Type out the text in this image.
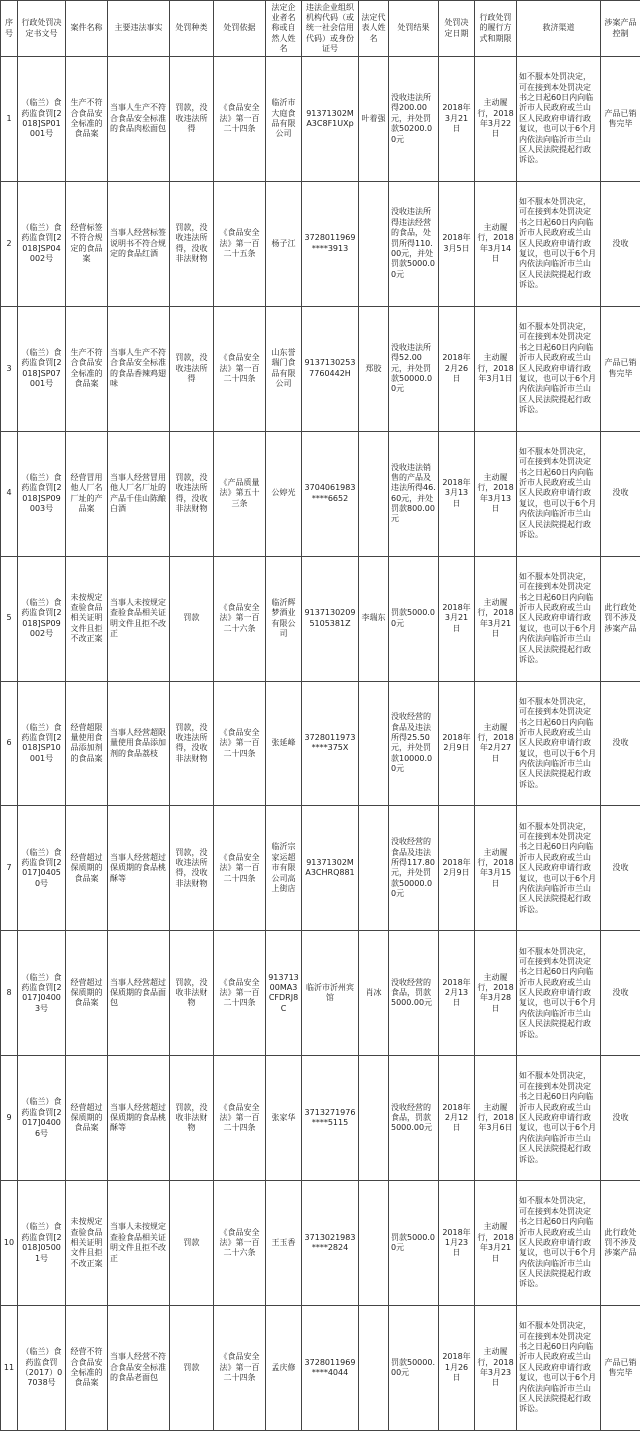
序号	行政处罚决定书文号	案件名称	主要违法事实	处罚种类	处罚依据	法定企业者名称或自然人姓名	违法企业组织机构代码（或统一社会信用代码）或身份证号	法定代表人姓名	处罚结果	处罚决定日期	行政处罚的履行方式和期限	救济渠道	涉案产品控制
1	（临兰）食药监食罚[2018]SP01001号	生产不符合食品安全标准的食品案	当事人生产不符合食品安全标准的食品肉松面包	罚款，没收违法所得	《食品安全法》第一百二十四条	临沂市大庭食品有限公司	91371302MA3C8F1UXp	叶着强	没收违法所得200.00元，并处罚款50200.00元	2018年3月21日	主动履行，2018年3月22日	如不服本处罚决定，可在接到本处罚决定书之日起60日内向临沂市人民政府或兰山区人民政府申请行政复议，也可以于6个月内依法向临沂市兰山区人民法院提起行政诉讼。	产品已销售完毕
2	（临兰）食药监食罚[2018]SP04002号	经营标签不符合规定的食品案	当事人经营标签说明书不符合规定的食品红酒	罚款，没收违法所得，没收非法财物	《食品安全法》第一百二十五条	杨子江	3728011969****3913		没收违法所得违法经营的食品，处罚所得110.00元，并处罚款5000.00元	2018年3月5日	主动履行，2018年3月14日	如不服本处罚决定，可在接到本处罚决定书之日起60日内向临沂市人民政府或兰山区人民政府申请行政复议，也可以于6个月内依法向临沂市兰山区人民法院提起行政诉讼。	没收
3	（临兰）食药监食罚[2018]SP07001号	生产不符合食品安全标准的食品案	当事人生产不符合食品安全标准的食品香辣鸡翅味	罚款，没收违法所得	《食品安全法》第一百二十四条	山东誉瑞门食品有限公司	91371302537760442H	郑胶	没收违法所得52.00元，并处罚款50000.00元	2018年2月26日	主动履行，2018年3月1日	如不服本处罚决定，可在接到本处罚决定书之日起60日内向临沂市人民政府或兰山区人民政府申请行政复议，也可以于6个月内依法向临沂市兰山区人民法院提起行政诉讼。	产品已销售完毕
4	（临兰）食药监食罚[2018]SP09003号	经营冒用他人厂名厂址的产品案	当事人经营冒用他人厂名厂址的产品千佳山陈酿白酒	罚款，没收违法所得，没收非法财物	《产品质量法》第五十三条	公婷光	3704061983****6652		没收违法销售的产品及违法所得46.60元，并处罚款800.00元	2018年3月13日	主动履行，2018年3月13日	如不服本处罚决定，可在接到本处罚决定书之日起60日内向临沂市人民政府或兰山区人民政府申请行政复议，也可以于6个月内依法向临沂市兰山区人民法院提起行政诉讼。	没收
5	（临兰）食药监食罚[2018]SP09002号	未按规定查验食品相关证明文件且拒不改正案	当事人未按规定查验食品相关证明文件且拒不改正	罚款	《食品安全法》第一百二十六条	临沂辉梦酒业有限公司	91371302095105381Z	李瑞东	罚款5000.00元	2018年3月21日	主动履行，2018年3月21日	如不服本处罚决定，可在接到本处罚决定书之日起60日内向临沂市人民政府或兰山区人民政府申请行政复议，也可以于6个月内依法向临沂市兰山区人民法院提起行政诉讼。	此行政处罚不涉及涉案产品
6	（临兰）食药监食罚[2018]SP10001号	经营超限量使用食品添加剂的食品案	当事人经营超限量使用食品添加剂的食品荔枝	罚款，没收违法所得，没收非法财物	《食品安全法》第一百二十四条	张延峰	3728011973****375X		没收经营的食品及违法所得25.50元，并处罚款10000.00元	2018年2月9日	主动履行，2018年2月27日	如不服本处罚决定，可在接到本处罚决定书之日起60日内向临沂市人民政府或兰山区人民政府申请行政复议，也可以于6个月内依法向临沂市兰山区人民法院提起行政诉讼。	没收
7	（临兰）食药监食罚[2017]04050号	经营超过保质期的食品案	当事人经营超过保质期的食品桃酥等	罚款，没收违法所得，没收非法财物	《食品安全法》第一百二十四条	临沂宗家运超市有限公司高上街店	91371302MA3CHRQ881		没收经营的食品及违法所得117.80元，并处罚款50000.00元	2018年2月9日	主动履行，2018年3月15日	如不服本处罚决定，可在接到本处罚决定书之日起60日内向临沂市人民政府或兰山区人民政府申请行政复议，也可以于6个月内依法向临沂市兰山区人民法院提起行政诉讼。	没收
8	（临兰）食药监食罚[2017]04003号	经营超过保质期的食品案	当事人经营超过保质期的食品面包	罚款，没收非法财物	《食品安全法》第一百二十四条	91371300MA3CFDRJ8C	临沂市沂州宾馆	肖冰	没收经营的食品，罚款5000.00元	2018年2月13日	主动履行，2018年3月28日	如不服本处罚决定，可在接到本处罚决定书之日起60日内向临沂市人民政府或兰山区人民政府申请行政复议，也可以于6个月内依法向临沂市兰山区人民法院提起行政诉讼。	没收
9	（临兰）食药监食罚[2017]04006号	经营超过保质期的食品案	当事人经营超过保质期的食品桃酥等	罚款，没收非法财物	《食品安全法》第一百二十四条	张家华	3713271976****5115		没收经营的食品，罚款5000.00元	2018年2月12日	主动履行，2018年3月6日	如不服本处罚决定，可在接到本处罚决定书之日起60日内向临沂市人民政府或兰山区人民政府申请行政复议，也可以于6个月内依法向临沂市兰山区人民法院提起行政诉讼。	没收
10	（临兰）食药监食罚[2018]05001号	未按规定查验食品相关证明文件且拒不改正案	当事人未按规定查验食品相关证明文件且拒不改正	罚款	《食品安全法》第一百二十六条	王玉香	3713021983****2824		罚款5000.00元	2018年1月23日	主动履行，2018年3月21日	如不服本处罚决定，可在接到本处罚决定书之日起60日内向临沂市人民政府或兰山区人民政府申请行政复议，也可以于6个月内依法向临沂市兰山区人民法院提起行政诉讼。	此行政处罚不涉及涉案产品
11	（临兰）食药监食罚（2017）07038号	经营不符合食品安全标准的食品案	当事人经营不符合食品安全标准的食品老面包	罚款	《食品安全法》第一百二十四条	孟庆修	3728011969****4044		罚款50000.00元	2018年1月26日	主动履行，2018年3月23日	如不服本处罚决定，可在接到本处罚决定书之日起60日内向临沂市人民政府或兰山区人民政府申请行政复议，也可以于6个月内依法向临沂市兰山区人民法院提起行政诉讼。	产品已销售完毕
